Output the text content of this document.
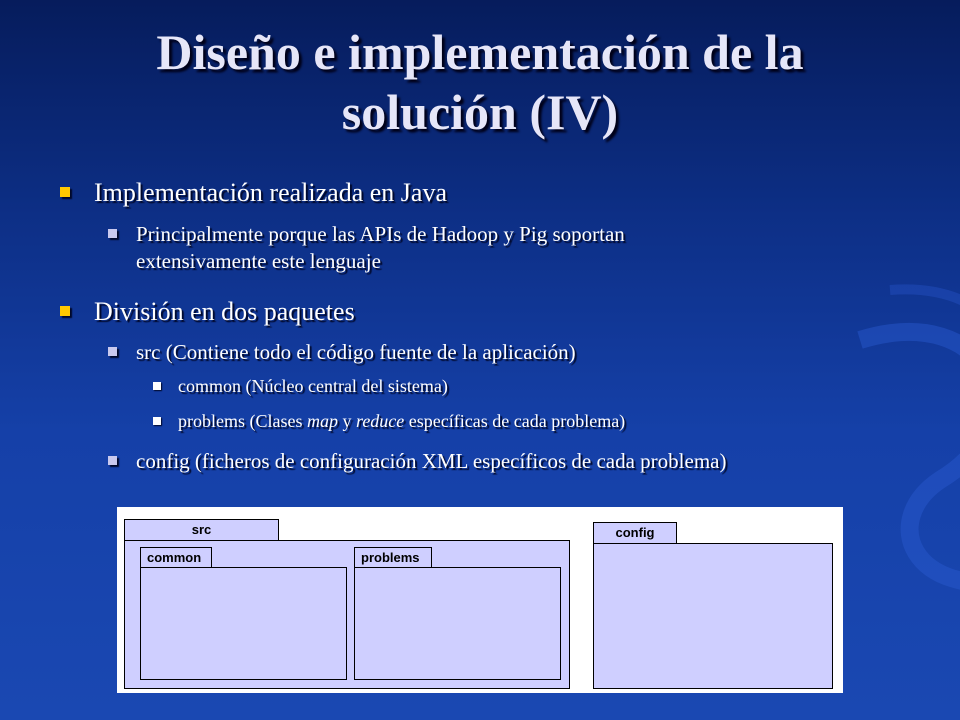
Diseño e implementación de la
solución (IV)
Implementación realizada en Java
Principalmente porque las APIs de Hadoop y Pig soportan
extensivamente este lenguaje
División en dos paquetes
src (Contiene todo el código fuente de la aplicación)
common (Núcleo central del sistema)
problems (Clases map y reduce específicas de cada problema)
config (ficheros de configuración XML específicos de cada problema)
src
common	problems
config
